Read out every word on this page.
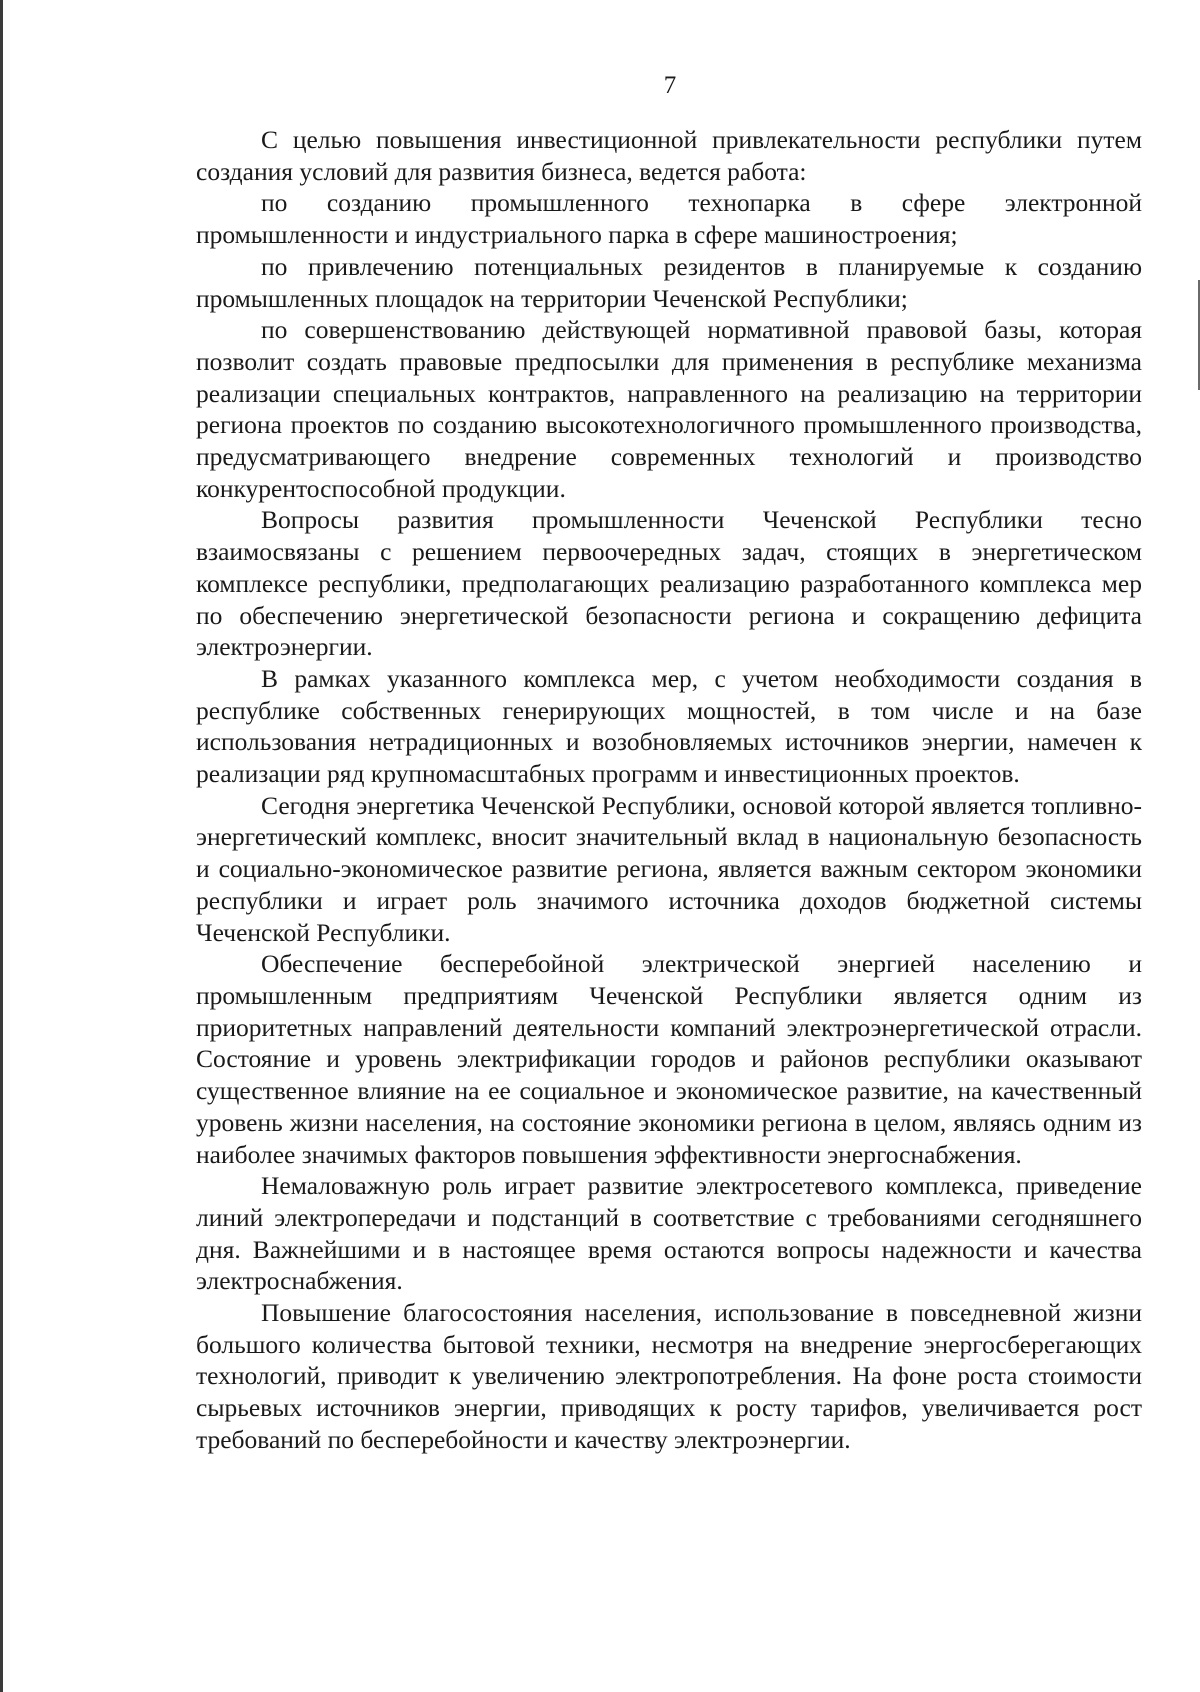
7

С целью повышения инвестиционной привлекательности республики путем создания условий для развития бизнеса, ведется работа:

по созданию промышленного технопарка в сфере электронной промышленности и индустриального парка в сфере машиностроения;

по привлечению потенциальных резидентов в планируемые к созданию промышленных площадок на территории Чеченской Республики;

по совершенствованию действующей нормативной правовой базы, которая позволит создать правовые предпосылки для применения в республике механизма реализации специальных контрактов, направленного на реализацию на территории региона проектов по созданию высокотехнологичного промышленного производства, предусматривающего внедрение современных технологий и производство конкурентоспособной продукции.

Вопросы развития промышленности Чеченской Республики тесно взаимосвязаны с решением первоочередных задач, стоящих в энергетическом комплексе республики, предполагающих реализацию разработанного комплекса мер по обеспечению энергетической безопасности региона и сокращению дефицита электроэнергии.

В рамках указанного комплекса мер, с учетом необходимости создания в республике собственных генерирующих мощностей, в том числе и на базе использования нетрадиционных и возобновляемых источников энергии, намечен к реализации ряд крупномасштабных программ и инвестиционных проектов.

Сегодня энергетика Чеченской Республики, основой которой является топливно-энергетический комплекс, вносит значительный вклад в национальную безопасность и социально-экономическое развитие региона, является важным сектором экономики республики и играет роль значимого источника доходов бюджетной системы Чеченской Республики.

Обеспечение бесперебойной электрической энергией населению и промышленным предприятиям Чеченской Республики является одним из приоритетных направлений деятельности компаний электроэнергетической отрасли. Состояние и уровень электрификации городов и районов республики оказывают существенное влияние на ее социальное и экономическое развитие, на качественный уровень жизни населения, на состояние экономики региона в целом, являясь одним из наиболее значимых факторов повышения эффективности энергоснабжения.

Немаловажную роль играет развитие электросетевого комплекса, приведение линий электропередачи и подстанций в соответствие с требованиями сегодняшнего дня. Важнейшими и в настоящее время остаются вопросы надежности и качества электроснабжения.

Повышение благосостояния населения, использование в повседневной жизни большого количества бытовой техники, несмотря на внедрение энергосберегающих технологий, приводит к увеличению электропотребления. На фоне роста стоимости сырьевых источников энергии, приводящих к росту тарифов, увеличивается рост требований по бесперебойности и качеству электроэнергии.
